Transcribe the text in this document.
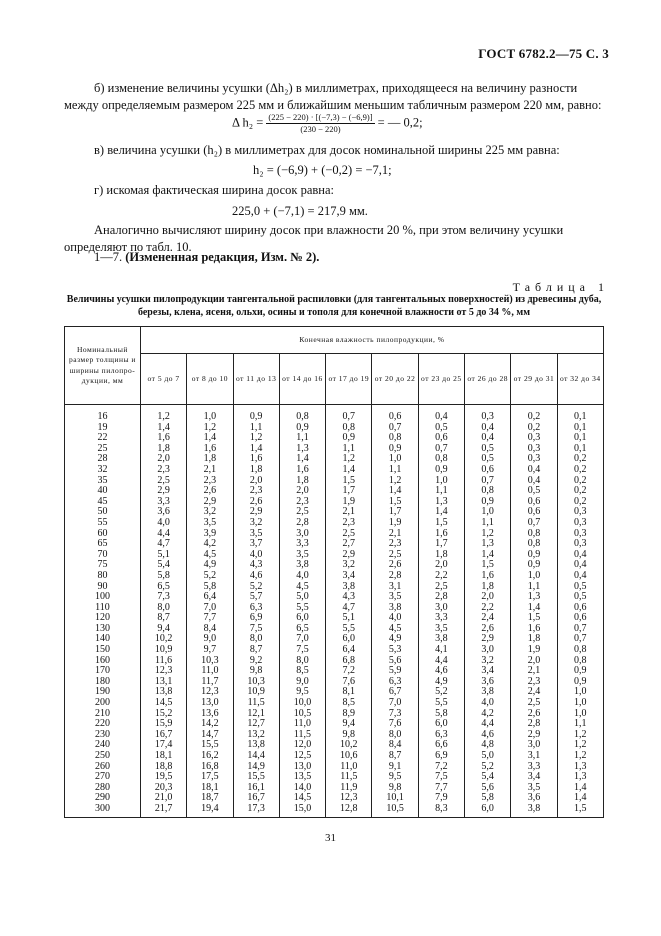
ГОСТ 6782.2—75 С. 3
б) изменение величины усушки (Δh₂) в миллиметрах, приходящееся на величину разности между определяемым размером 225 мм и ближайшим меньшим табличным размером 220 мм, равно:
Δ $h_2 = \frac{(225 - 220) \cdot [(-7,3) - (-6,9)]}{(230 - 220)}$ = — 0,2;
в) величина усушки (h₂) в миллиметрах для досок номинальной ширины 225 мм равна:
h₂ = (−6,9) + (−0,2) = −7,1;
г) искомая фактическая ширина досок равна:
225,0 + (−7,1) = 217,9 мм.
Аналогично вычисляют ширину досок при влажности 20 %, при этом величину усушки определяют по табл. 10.
1—7. (Измененная редакция, Изм. № 2).
Таблица 1
Величины усушки пилопродукции тангентальной распиловки (для тангентальных поверхностей) из древесины дуба, березы, клена, ясеня, ольхи, осины и тополя для конечной влажности от 5 до 34 %, мм
Номинальный размер толщины и ширины пилопро-дукции, мм	Конечная влажность пилопродукции, %									
	от 5 до 7	от 8 до 10	от 11 до 13	от 14 до 16	от 17 до 19	от 20 до 22	от 23 до 25	от 26 до 28	от 29 до 31	от 32 до 34
16	1,2	1,0	0,9	0,8	0,7	0,6	0,4	0,3	0,2	0,1
19	1,4	1,2	1,1	0,9	0,8	0,7	0,5	0,4	0,2	0,1
22	1,6	1,4	1,2	1,1	0,9	0,8	0,6	0,4	0,3	0,1
25	1,8	1,6	1,4	1,3	1,1	0,9	0,7	0,5	0,3	0,1
28	2,0	1,8	1,6	1,4	1,2	1,0	0,8	0,5	0,3	0,2
32	2,3	2,1	1,8	1,6	1,4	1,1	0,9	0,6	0,4	0,2
35	2,5	2,3	2,0	1,8	1,5	1,2	1,0	0,7	0,4	0,2
40	2,9	2,6	2,3	2,0	1,7	1,4	1,1	0,8	0,5	0,2
45	3,3	2,9	2,6	2,3	1,9	1,5	1,3	0,9	0,6	0,2
50	3,6	3,2	2,9	2,5	2,1	1,7	1,4	1,0	0,6	0,3
55	4,0	3,5	3,2	2,8	2,3	1,9	1,5	1,1	0,7	0,3
60	4,4	3,9	3,5	3,0	2,5	2,1	1,6	1,2	0,8	0,3
65	4,7	4,2	3,7	3,3	2,7	2,3	1,7	1,3	0,8	0,3
70	5,1	4,5	4,0	3,5	2,9	2,5	1,8	1,4	0,9	0,4
75	5,4	4,9	4,3	3,8	3,2	2,6	2,0	1,5	0,9	0,4
80	5,8	5,2	4,6	4,0	3,4	2,8	2,2	1,6	1,0	0,4
90	6,5	5,8	5,2	4,5	3,8	3,1	2,5	1,8	1,1	0,5
100	7,3	6,4	5,7	5,0	4,3	3,5	2,8	2,0	1,3	0,5
110	8,0	7,0	6,3	5,5	4,7	3,8	3,0	2,2	1,4	0,6
120	8,7	7,7	6,9	6,0	5,1	4,0	3,3	2,4	1,5	0,6
130	9,4	8,4	7,5	6,5	5,5	4,5	3,5	2,6	1,6	0,7
140	10,2	9,0	8,0	7,0	6,0	4,9	3,8	2,9	1,8	0,7
150	10,9	9,7	8,7	7,5	6,4	5,3	4,1	3,0	1,9	0,8
160	11,6	10,3	9,2	8,0	6,8	5,6	4,4	3,2	2,0	0,8
170	12,3	11,0	9,8	8,5	7,2	5,9	4,6	3,4	2,1	0,9
180	13,1	11,7	10,3	9,0	7,6	6,3	4,9	3,6	2,3	0,9
190	13,8	12,3	10,9	9,5	8,1	6,7	5,2	3,8	2,4	1,0
200	14,5	13,0	11,5	10,0	8,5	7,0	5,5	4,0	2,5	1,0
210	15,2	13,6	12,1	10,5	8,9	7,3	5,8	4,2	2,6	1,0
220	15,9	14,2	12,7	11,0	9,4	7,6	6,0	4,4	2,8	1,1
230	16,7	14,7	13,2	11,5	9,8	8,0	6,3	4,6	2,9	1,2
240	17,4	15,5	13,8	12,0	10,2	8,4	6,6	4,8	3,0	1,2
250	18,1	16,2	14,4	12,5	10,6	8,7	6,9	5,0	3,1	1,2
260	18,8	16,8	14,9	13,0	11,0	9,1	7,2	5,2	3,3	1,3
270	19,5	17,5	15,5	13,5	11,5	9,5	7,5	5,4	3,4	1,3
280	20,3	18,1	16,1	14,0	11,9	9,8	7,7	5,6	3,5	1,4
290	21,0	18,7	16,7	14,5	12,3	10,1	7,9	5,8	3,6	1,4
300	21,7	19,4	17,3	15,0	12,8	10,5	8,3	6,0	3,8	1,5
31
